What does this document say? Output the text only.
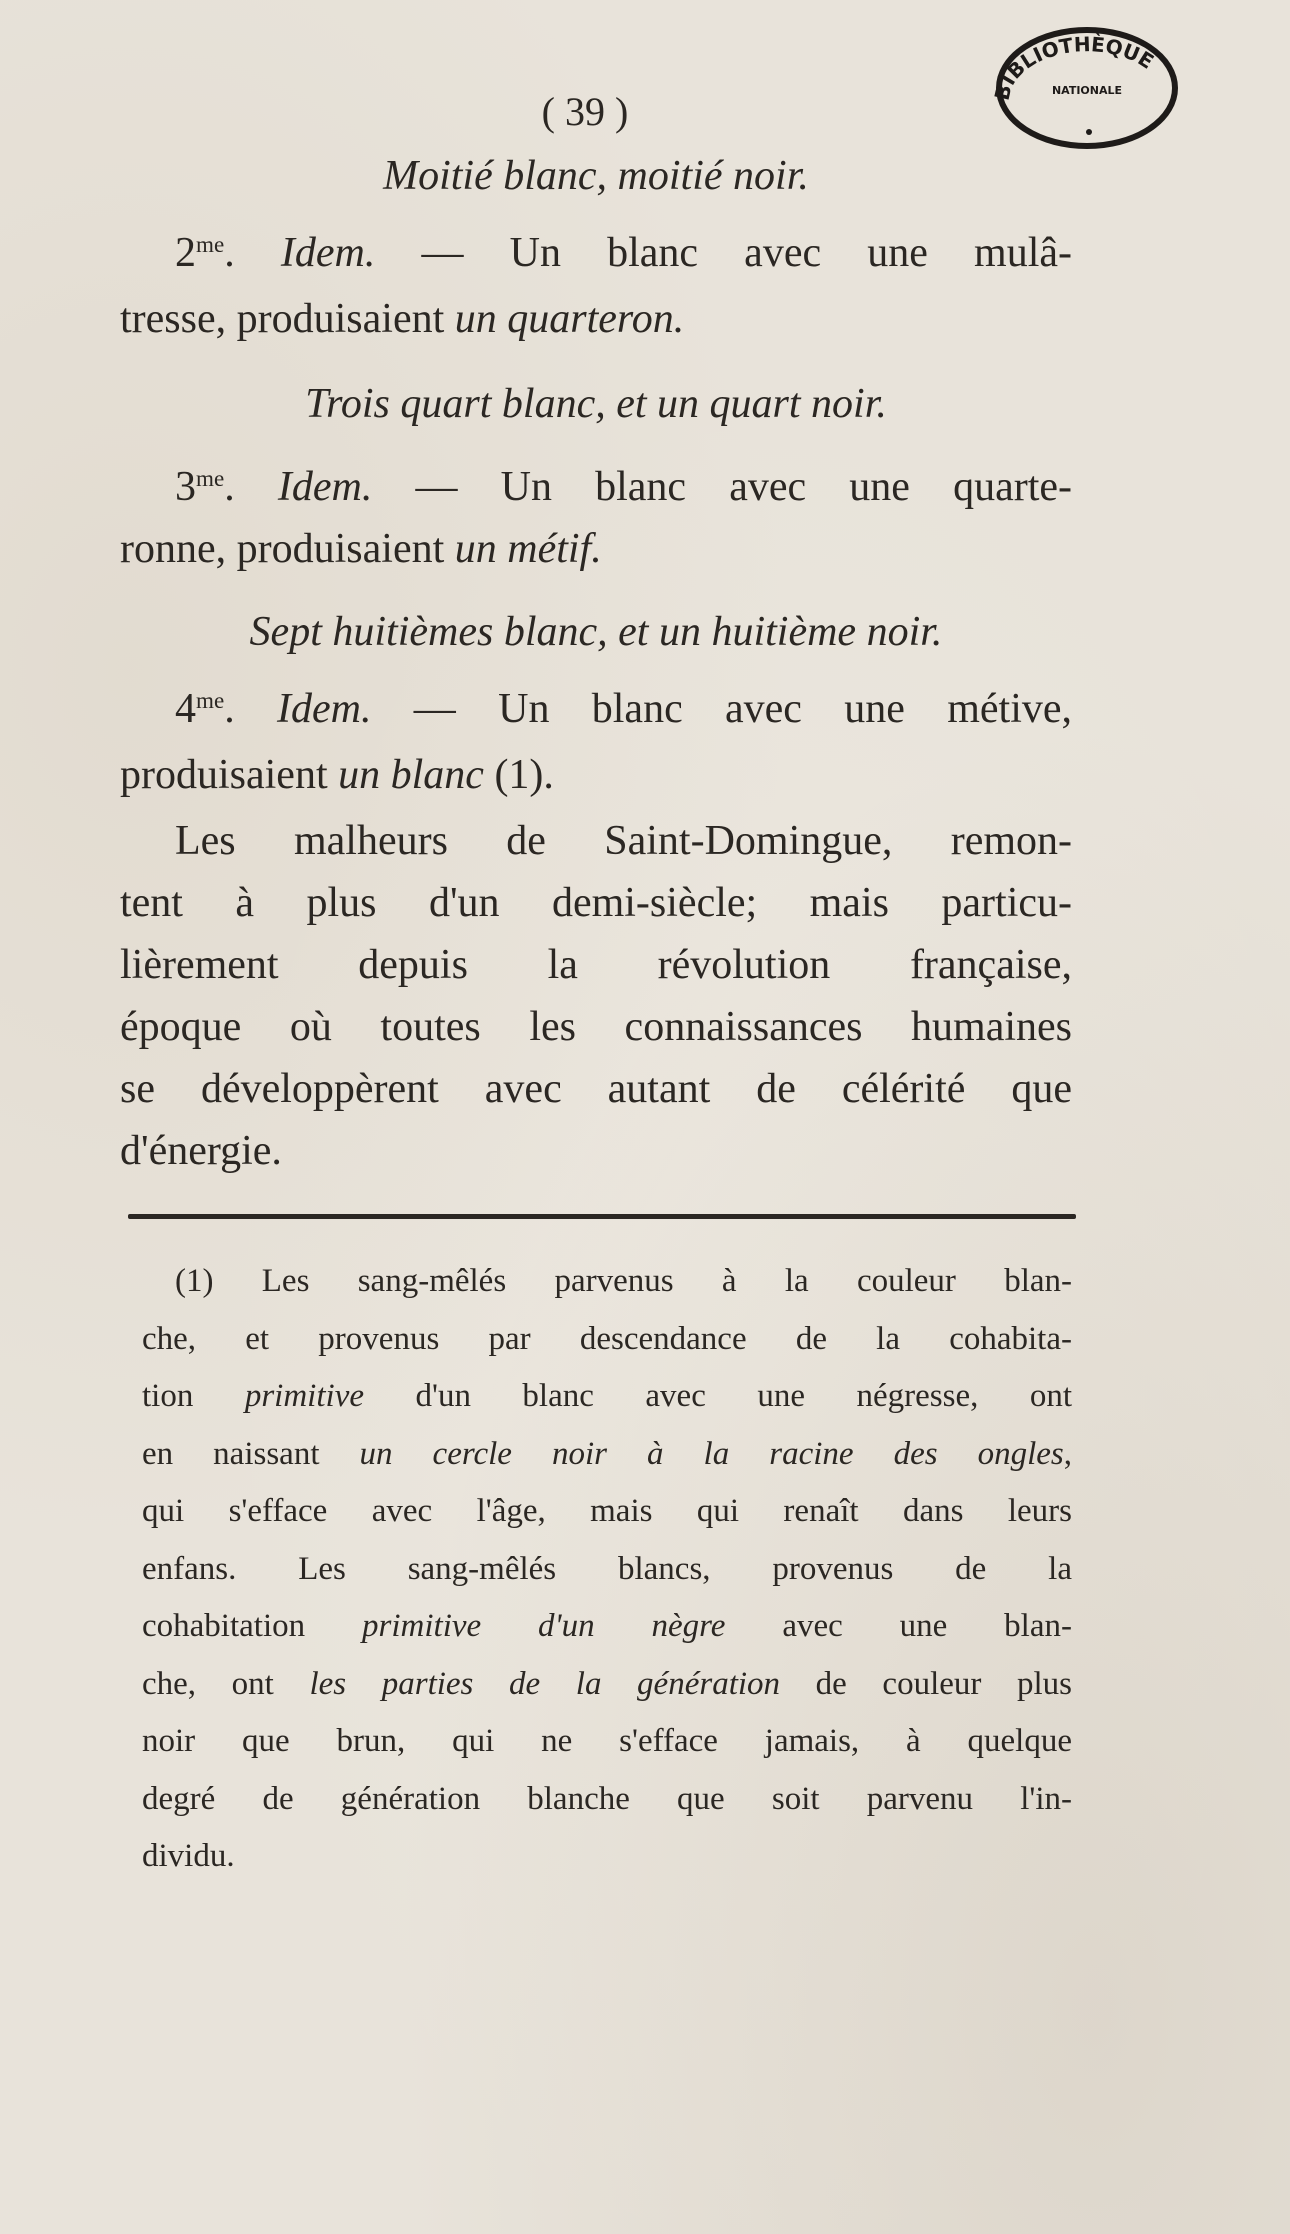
( 39 )	BIBLIOTHÈQUE
NATIONALE
Moitié blanc, moitié noir.
$2^{me}$. Idem. — Un blanc avec une mulâ-
tresse, produisaient un quarteron.
Trois quart blanc, et un quart noir.
$3^{me}$. Idem. — Un blanc avec une quarte-
ronne, produisaient un métif.
Sept huitièmes blanc, et un huitième noir.
$4^{me}$. Idem. — Un blanc avec une métive,
produisaient un blanc (1).
Les malheurs de Saint-Domingue, remon-
tent à plus d'un demi-siècle; mais particu-
lièrement depuis la révolution française,
époque où toutes les connaissances humaines
se développèrent avec autant de célérité que
d'énergie.
(1) Les sang-mêlés parvenus à la couleur blan-
che, et provenus par descendance de la cohabita-
tion primitive d'un blanc avec une négresse, ont
en naissant un cercle noir à la racine des ongles,
qui s'efface avec l'âge, mais qui renaît dans leurs
enfans. Les sang-mêlés blancs, provenus de la
cohabitation primitive d'un nègre avec une blan-
che, ont les parties de la génération de couleur plus
noir que brun, qui ne s'efface jamais, à quelque
degré de génération blanche que soit parvenu l'in-
dividu.
